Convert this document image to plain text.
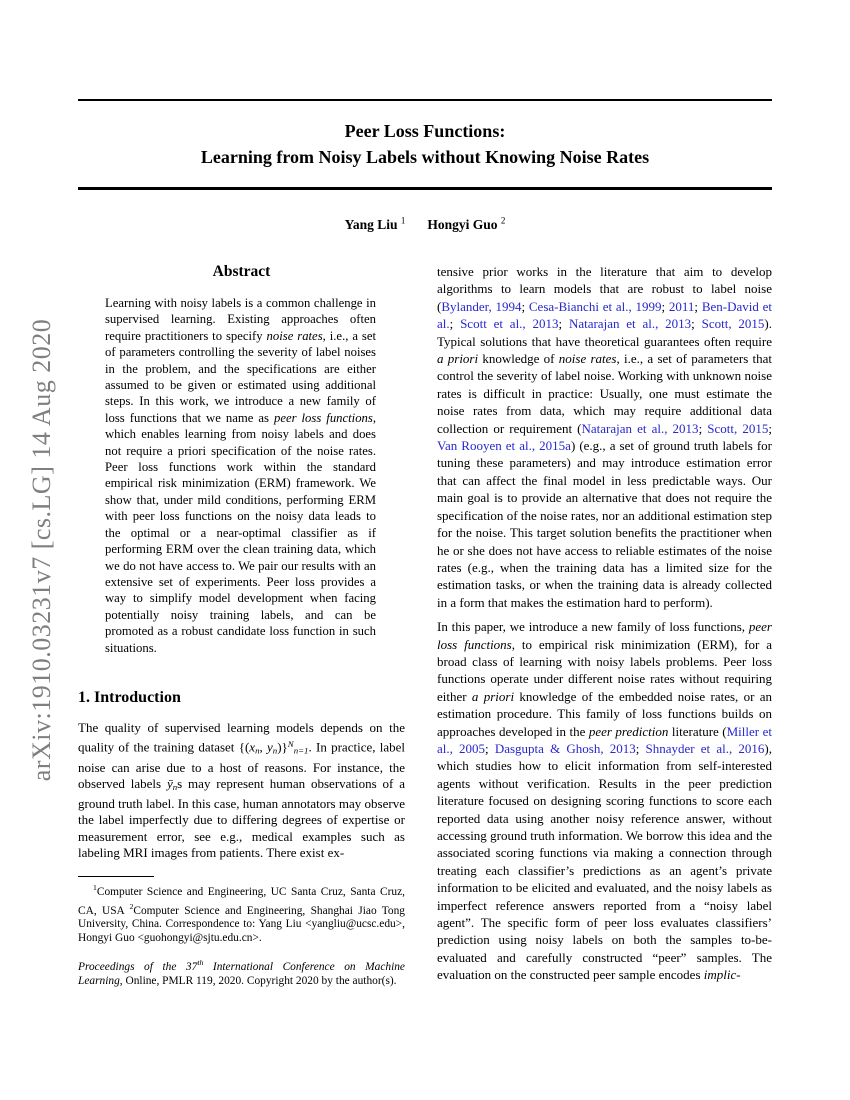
arXiv:1910.03231v7 [cs.LG] 14 Aug 2020
Peer Loss Functions:
Learning from Noisy Labels without Knowing Noise Rates
Yang Liu $^1$ Hongyi Guo $^2$
Abstract

Learning with noisy labels is a common challenge in supervised learning. Existing approaches often require practitioners to specify noise rates, i.e., a set of parameters controlling the severity of label noises in the problem, and the specifications are either assumed to be given or estimated using additional steps. In this work, we introduce a new family of loss functions that we name as peer loss functions, which enables learning from noisy labels and does not require a priori specification of the noise rates. Peer loss functions work within the standard empirical risk minimization (ERM) framework. We show that, under mild conditions, performing ERM with peer loss functions on the noisy data leads to the optimal or a near-optimal classifier as if performing ERM over the clean training data, which we do not have access to. We pair our results with an extensive set of experiments. Peer loss provides a way to simplify model development when facing potentially noisy training labels, and can be promoted as a robust candidate loss function in such situations.

1. Introduction

The quality of supervised learning models depends on the quality of the training dataset {(xn, yn)}$^N$n=1. In practice, label noise can arise due to a host of reasons. For instance, the observed labels ȳns may represent human observations of a ground truth label. In this case, human annotators may observe the label imperfectly due to differing degrees of expertise or measurement error, see e.g., medical examples such as labeling MRI images from patients. There exist ex-

tensive prior works in the literature that aim to develop algorithms to learn models that are robust to label noise (Bylander, 1994; Cesa-Bianchi et al., 1999; 2011; Ben-David et al.; Scott et al., 2013; Natarajan et al., 2013; Scott, 2015). Typical solutions that have theoretical guarantees often require a priori knowledge of noise rates, i.e., a set of parameters that control the severity of label noise. Working with unknown noise rates is difficult in practice: Usually, one must estimate the noise rates from data, which may require additional data collection or requirement (Natarajan et al., 2013; Scott, 2015; Van Rooyen et al., 2015a) (e.g., a set of ground truth labels for tuning these parameters) and may introduce estimation error that can affect the final model in less predictable ways. Our main goal is to provide an alternative that does not require the specification of the noise rates, nor an additional estimation step for the noise. This target solution benefits the practitioner when he or she does not have access to reliable estimates of the noise rates (e.g., when the training data has a limited size for the estimation tasks, or when the training data is already collected in a form that makes the estimation hard to perform).

In this paper, we introduce a new family of loss functions, peer loss functions, to empirical risk minimization (ERM), for a broad class of learning with noisy labels problems. Peer loss functions operate under different noise rates without requiring either a priori knowledge of the embedded noise rates, or an estimation procedure. This family of loss functions builds on approaches developed in the peer prediction literature (Miller et al., 2005; Dasgupta & Ghosh, 2013; Shnayder et al., 2016), which studies how to elicit information from self-interested agents without verification. Results in the peer prediction literature focused on designing scoring functions to score each reported data using another noisy reference answer, without accessing ground truth information. We borrow this idea and the associated scoring functions via making a connection through treating each classifier’s predictions as an agent’s private information to be elicited and evaluated, and the noisy labels as imperfect reference answers reported from a “noisy label agent”. The specific form of peer loss evaluates classifiers’ prediction using noisy labels on both the samples to-be-evaluated and carefully constructed “peer” samples. The evaluation on the constructed peer sample encodes implic-

$^1$Computer Science and Engineering, UC Santa Cruz, Santa Cruz, CA, USA $^2$Computer Science and Engineering, Shanghai Jiao Tong University, China. Correspondence to: Yang Liu <yangliu@ucsc.edu>, Hongyi Guo <guohongyi@sjtu.edu.cn>.

Proceedings of the 37th International Conference on Machine Learning, Online, PMLR 119, 2020. Copyright 2020 by the author(s).
